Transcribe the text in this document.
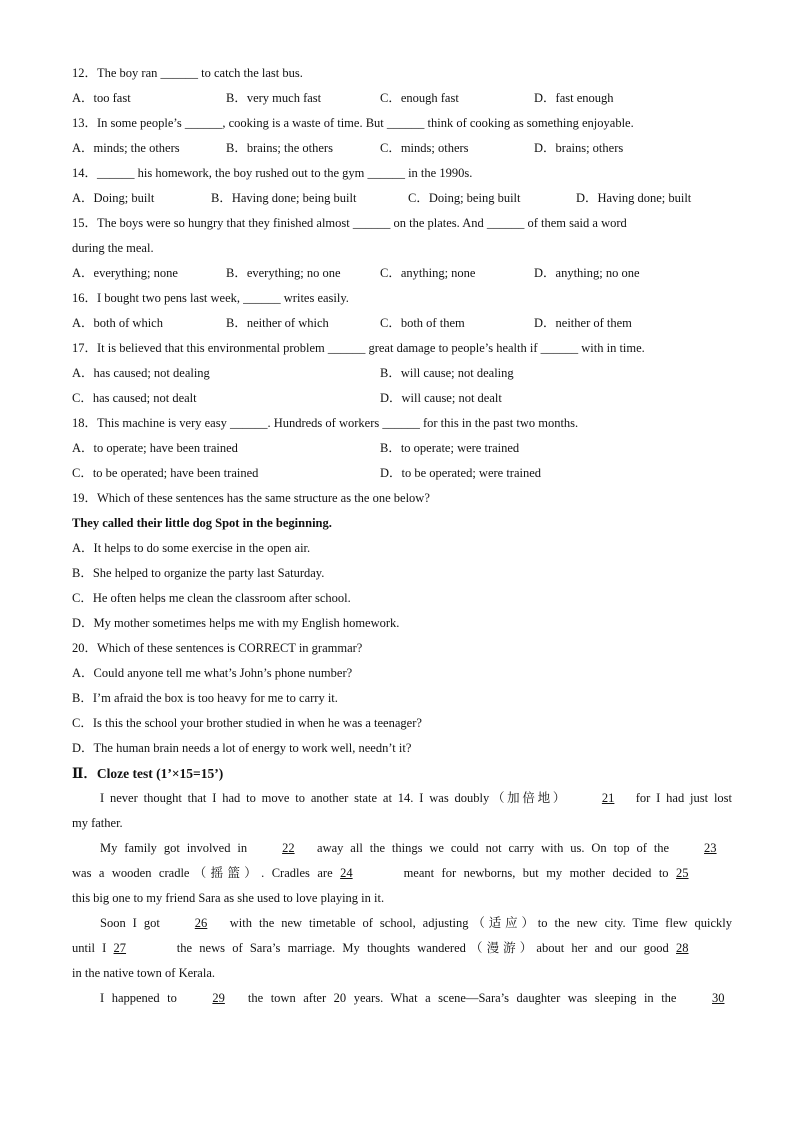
12．The boy ran ______ to catch the last bus.
A．too fast	B．very much fast	C．enough fast	D．fast enough
13．In some people’s ______, cooking is a waste of time. But ______ think of cooking as something enjoyable.
A．minds; the others	B．brains; the others	C．minds; others	D．brains; others
14．______ his homework, the boy rushed out to the gym ______ in the 1990s.
A．Doing; built	B．Having done; being built	C．Doing; being built	D．Having done; built
15．The boys were so hungry that they finished almost ______ on the plates. And ______ of them said a word
during the meal.
A．everything; none	B．everything; no one	C．anything; none	D．anything; no one
16．I bought two pens last week, ______ writes easily.
A．both of which	B．neither of which	C．both of them	D．neither of them
17．It is believed that this environmental problem ______ great damage to people’s health if ______ with in time.
A．has caused; not dealing	B．will cause; not dealing
C．has caused; not dealt	D．will cause; not dealt
18．This machine is very easy ______. Hundreds of workers ______ for this in the past two months.
A．to operate; have been trained	B．to operate; were trained
C．to be operated; have been trained	D．to be operated; were trained
19．Which of these sentences has the same structure as the one below?
They called their little dog Spot in the beginning.
A．It helps to do some exercise in the open air.
B．She helped to organize the party last Saturday.
C．He often helps me clean the classroom after school.
D．My mother sometimes helps me with my English homework.
20．Which of these sentences is CORRECT in grammar?
A．Could anyone tell me what’s John’s phone number?
B．I’m afraid the box is too heavy for me to carry it.
C．Is this the school your brother studied in when he was a teenager?
D．The human brain needs a lot of energy to work well, needn’t it?
Ⅱ．Cloze test (1’×15=15’)
I never thought that I had to move to another state at 14. I was doubly（加倍地）	21 for I had just lost
my father.
My family got involved in	22 away all the things we could not carry with us. On top of the	23
was a wooden cradle（摇篮）. Cradles are 24	meant for newborns, but my mother decided to 25
this big one to my friend Sara as she used to love playing in it.
Soon I got	26 with the new timetable of school, adjusting（适应）to the new city. Time flew quickly
until I 27	the news of Sara’s marriage. My thoughts wandered（漫游）about her and our good 28
in the native town of Kerala.
I happened to	29 the town after 20 years. What a scene—Sara’s daughter was sleeping in the	30
